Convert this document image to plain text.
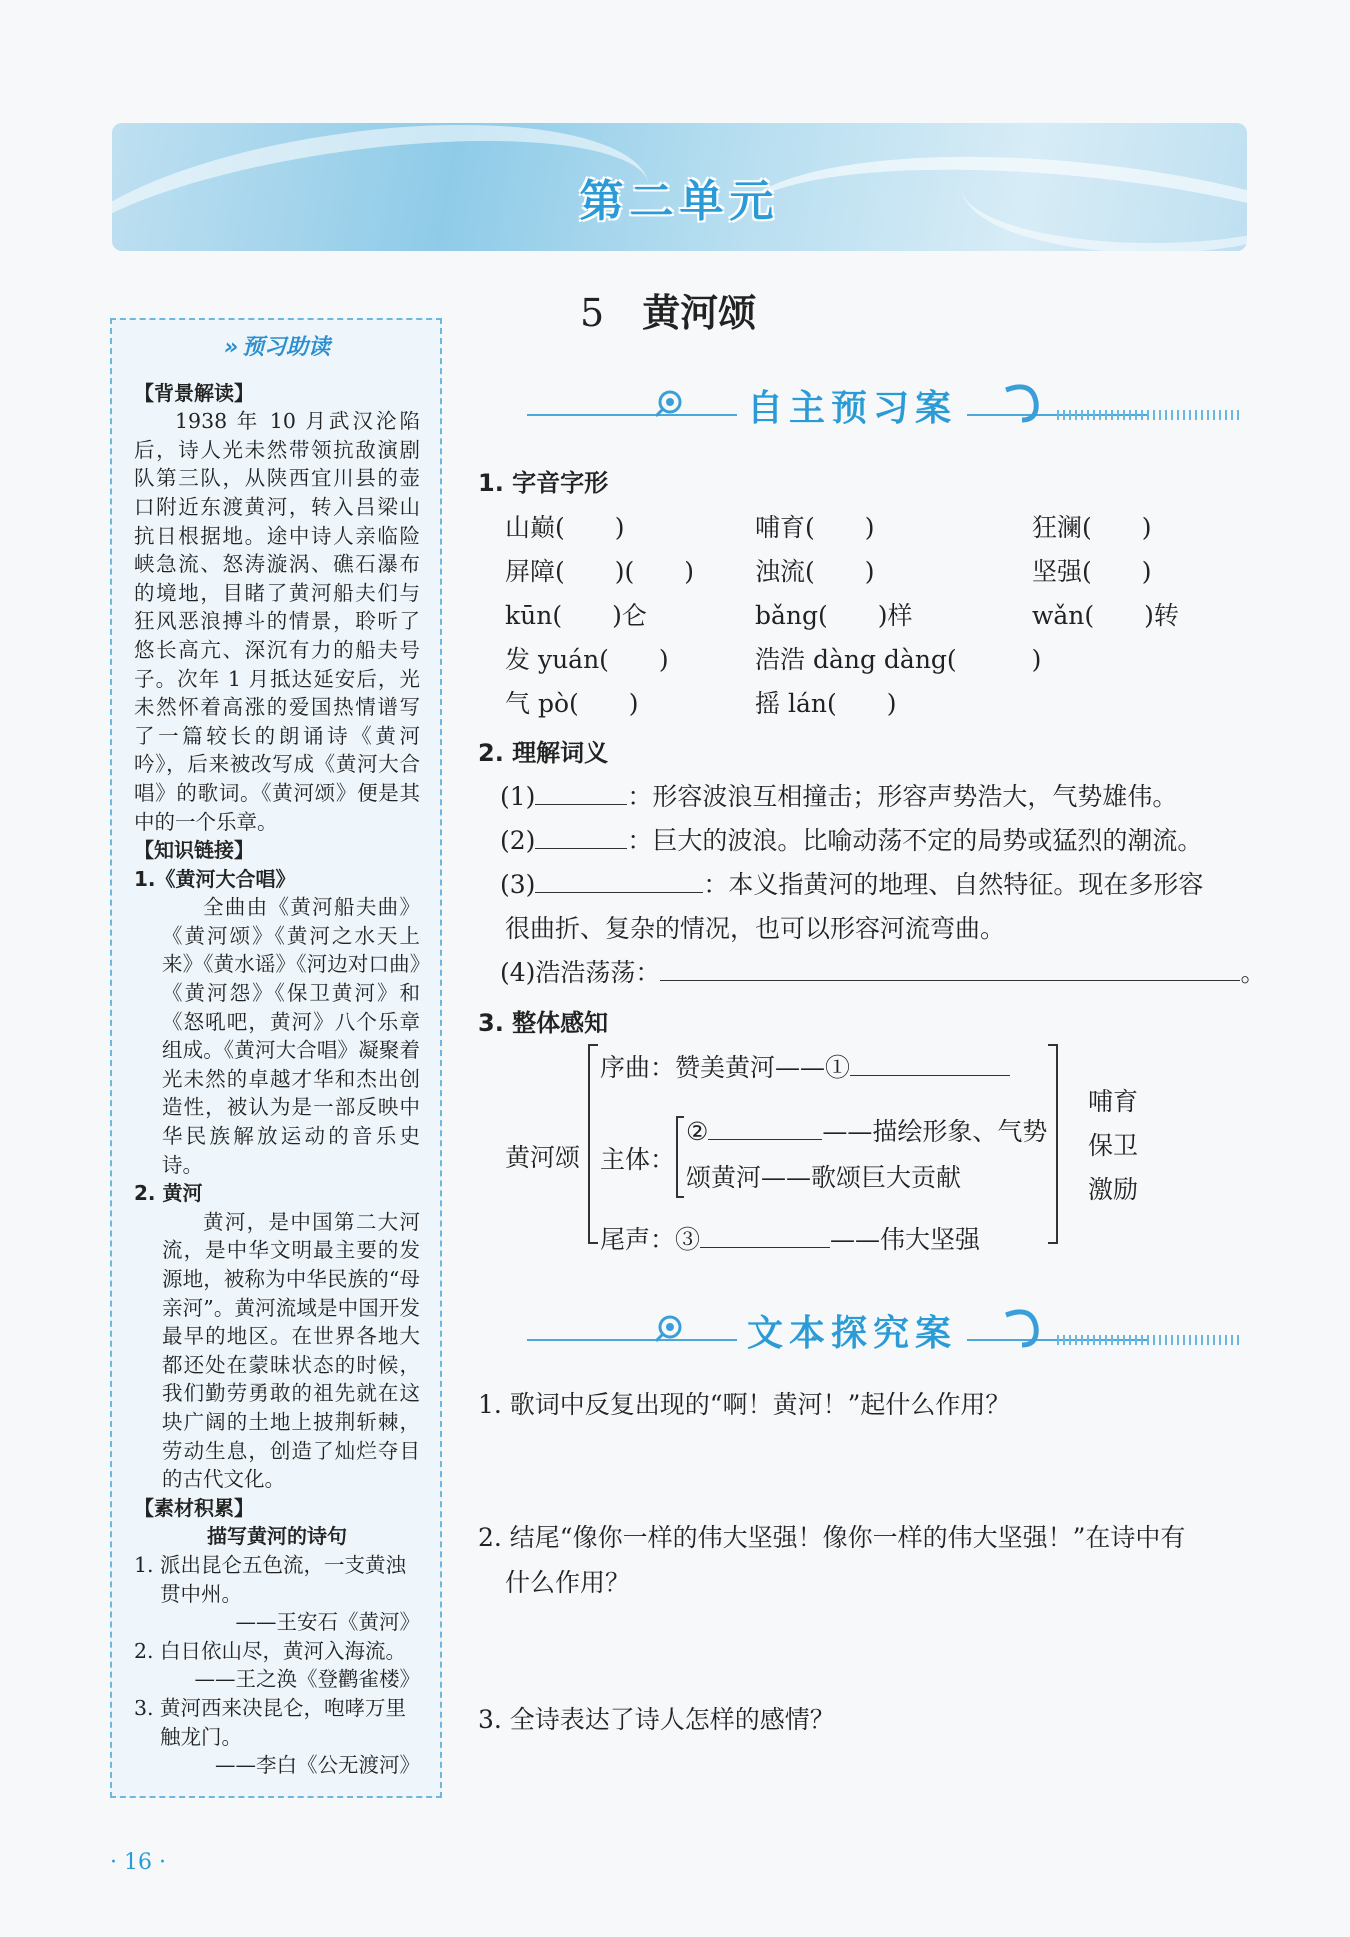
第二单元
5 黄河颂
» 预习助读
【背景解读】

1938 年 10 月武汉沦陷后，诗人光未然带领抗敌演剧队第三队，从陕西宜川县的壶口附近东渡黄河，转入吕梁山抗日根据地。途中诗人亲临险峡急流、怒涛漩涡、礁石瀑布的境地，目睹了黄河船夫们与狂风恶浪搏斗的情景，聆听了悠长高亢、深沉有力的船夫号子。次年 1 月抵达延安后，光未然怀着高涨的爱国热情谱写了一篇较长的朗诵诗《黄河吟》，后来被改写成《黄河大合唱》的歌词。《黄河颂》便是其中的一个乐章。

【知识链接】
1.《黄河大合唱》

全曲由《黄河船夫曲》《黄河颂》《黄河之水天上来》《黄水谣》《河边对口曲》《黄河怨》《保卫黄河》和《怒吼吧，黄河》八个乐章组成。《黄河大合唱》凝聚着光未然的卓越才华和杰出创造性，被认为是一部反映中华民族解放运动的音乐史诗。

2. 黄河

黄河，是中国第二大河流，是中华文明最主要的发源地，被称为中华民族的“母亲河”。黄河流域是中国开发最早的地区。在世界各地大都还处在蒙昧状态的时候，我们勤劳勇敢的祖先就在这块广阔的土地上披荆斩棘，劳动生息，创造了灿烂夺目的古代文化。

【素材积累】
描写黄河的诗句
1. 派出昆仑五色流，一支黄浊贯中州。

——王安石《黄河》

2. 白日依山尽，黄河入海流。

——王之涣《登鹳雀楼》

3. 黄河西来决昆仑，咆哮万里触龙门。

——李白《公无渡河》

自主预习案
1. 字音字形
山巅(　　)	哺育(　　)	狂澜(　　)
屏障(　　)(　　) 浊流(　　)	坚强(　　)
kūn(　　)仑	bǎng(　　)样	wǎn(　　)转
发 yuán(　　)	浩浩 dàng dàng(　　　)
气 pò(　　)	摇 lán(　　)
2. 理解词义
(1)	：形容波浪互相撞击；形容声势浩大，气势雄伟。
(2)	：巨大的波浪。比喻动荡不定的局势或猛烈的潮流。
(3)	：本义指黄河的地理、自然特征。现在多形容
很曲折、复杂的情况，也可以形容河流弯曲。
(4)浩浩荡荡：	。
3. 整体感知
黄河颂
序曲：赞美黄河——①
主体：
②	——描绘形象、气势
颂黄河——歌颂巨大贡献
尾声：③	——伟大坚强
哺育
保卫
激励
文本探究案
1. 歌词中反复出现的“啊！黄河！”起什么作用？
2. 结尾“像你一样的伟大坚强！像你一样的伟大坚强！”在诗中有
什么作用？
3. 全诗表达了诗人怎样的感情？
· 16 ·
